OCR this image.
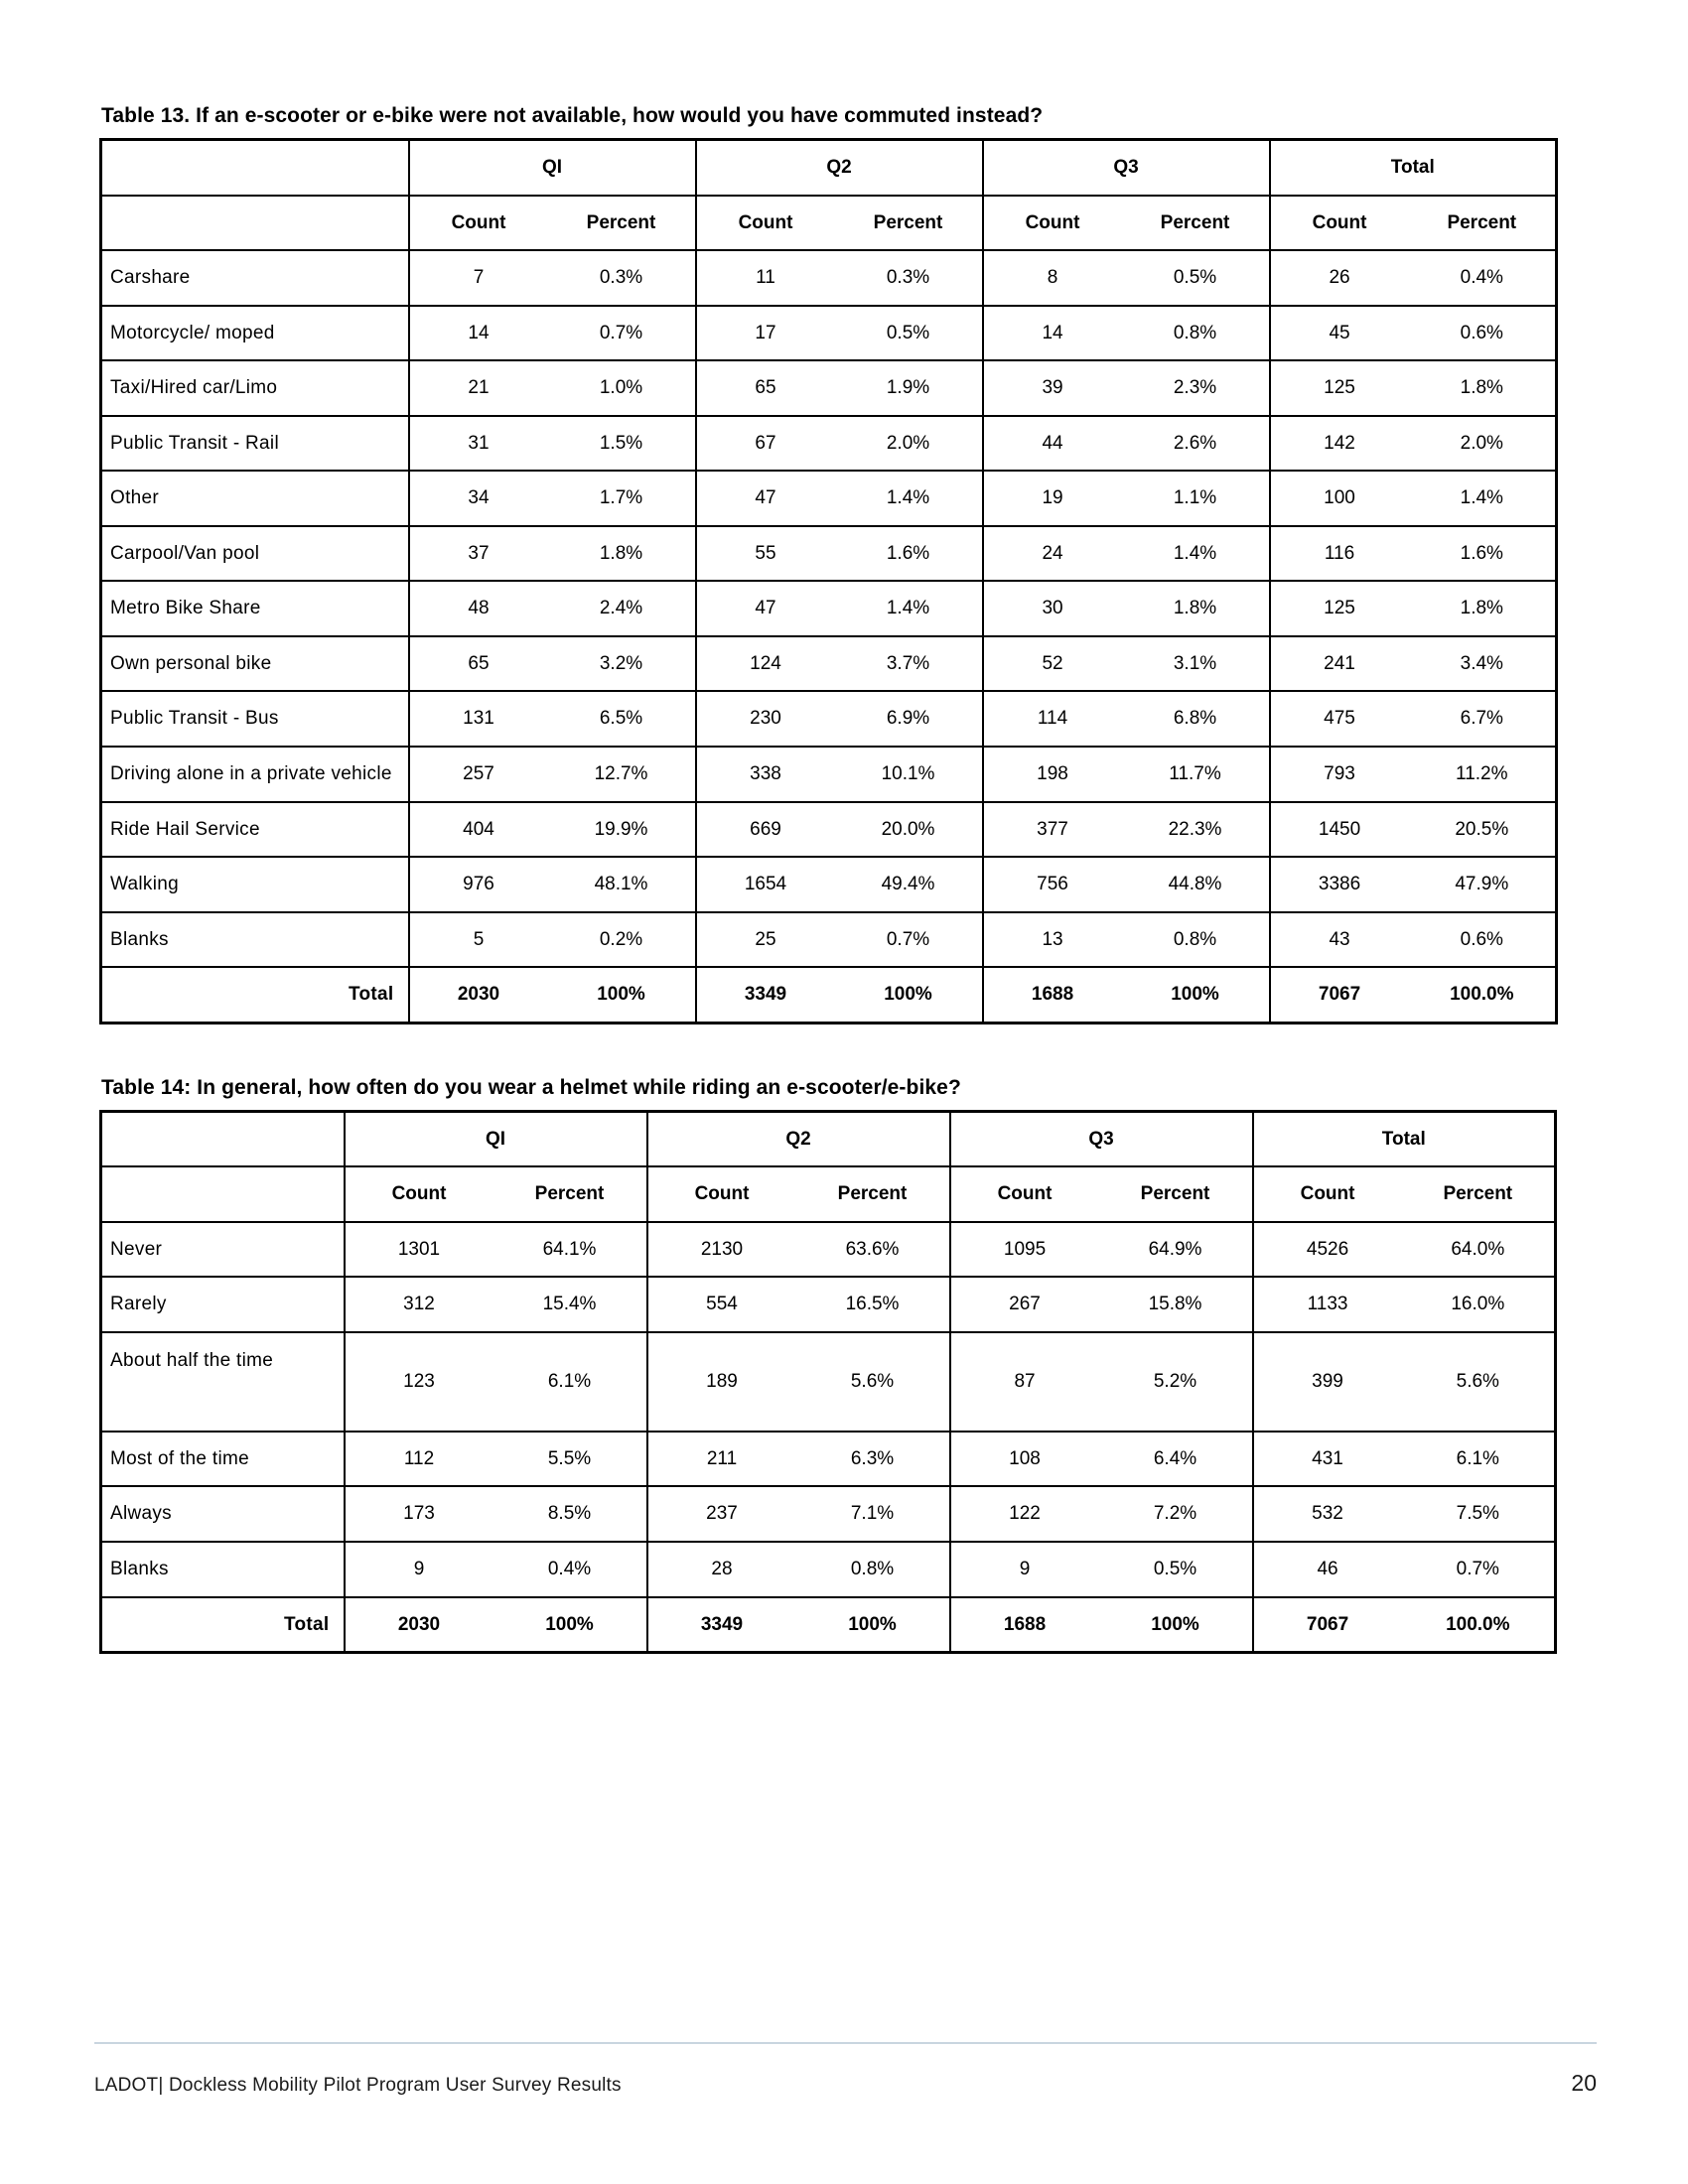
Table 13. If an e-scooter or e-bike were not available, how would you have commuted instead?
	QI		Q2		Q3		Total	
	Count	Percent	Count	Percent	Count	Percent	Count	Percent
Carshare	7	0.3%	11	0.3%	8	0.5%	26	0.4%
Motorcycle/ moped	14	0.7%	17	0.5%	14	0.8%	45	0.6%
Taxi/Hired car/Limo	21	1.0%	65	1.9%	39	2.3%	125	1.8%
Public Transit - Rail	31	1.5%	67	2.0%	44	2.6%	142	2.0%
Other	34	1.7%	47	1.4%	19	1.1%	100	1.4%
Carpool/Van pool	37	1.8%	55	1.6%	24	1.4%	116	1.6%
Metro Bike Share	48	2.4%	47	1.4%	30	1.8%	125	1.8%
Own personal bike	65	3.2%	124	3.7%	52	3.1%	241	3.4%
Public Transit - Bus	131	6.5%	230	6.9%	114	6.8%	475	6.7%
Driving alone in a private vehicle	257	12.7%	338	10.1%	198	11.7%	793	11.2%
Ride Hail Service	404	19.9%	669	20.0%	377	22.3%	1450	20.5%
Walking	976	48.1%	1654	49.4%	756	44.8%	3386	47.9%
Blanks	5	0.2%	25	0.7%	13	0.8%	43	0.6%
Total	2030	100%	3349	100%	1688	100%	7067	100.0%
Table 14: In general, how often do you wear a helmet while riding an e-scooter/e-bike?
	QI		Q2		Q3		Total	
	Count	Percent	Count	Percent	Count	Percent	Count	Percent
Never	1301	64.1%	2130	63.6%	1095	64.9%	4526	64.0%
Rarely	312	15.4%	554	16.5%	267	15.8%	1133	16.0%
About half the time	123	6.1%	189	5.6%	87	5.2%	399	5.6%
Most of the time	112	5.5%	211	6.3%	108	6.4%	431	6.1%
Always	173	8.5%	237	7.1%	122	7.2%	532	7.5%
Blanks	9	0.4%	28	0.8%	9	0.5%	46	0.7%
Total	2030	100%	3349	100%	1688	100%	7067	100.0%
LADOT| Dockless Mobility Pilot Program User Survey Results	20
